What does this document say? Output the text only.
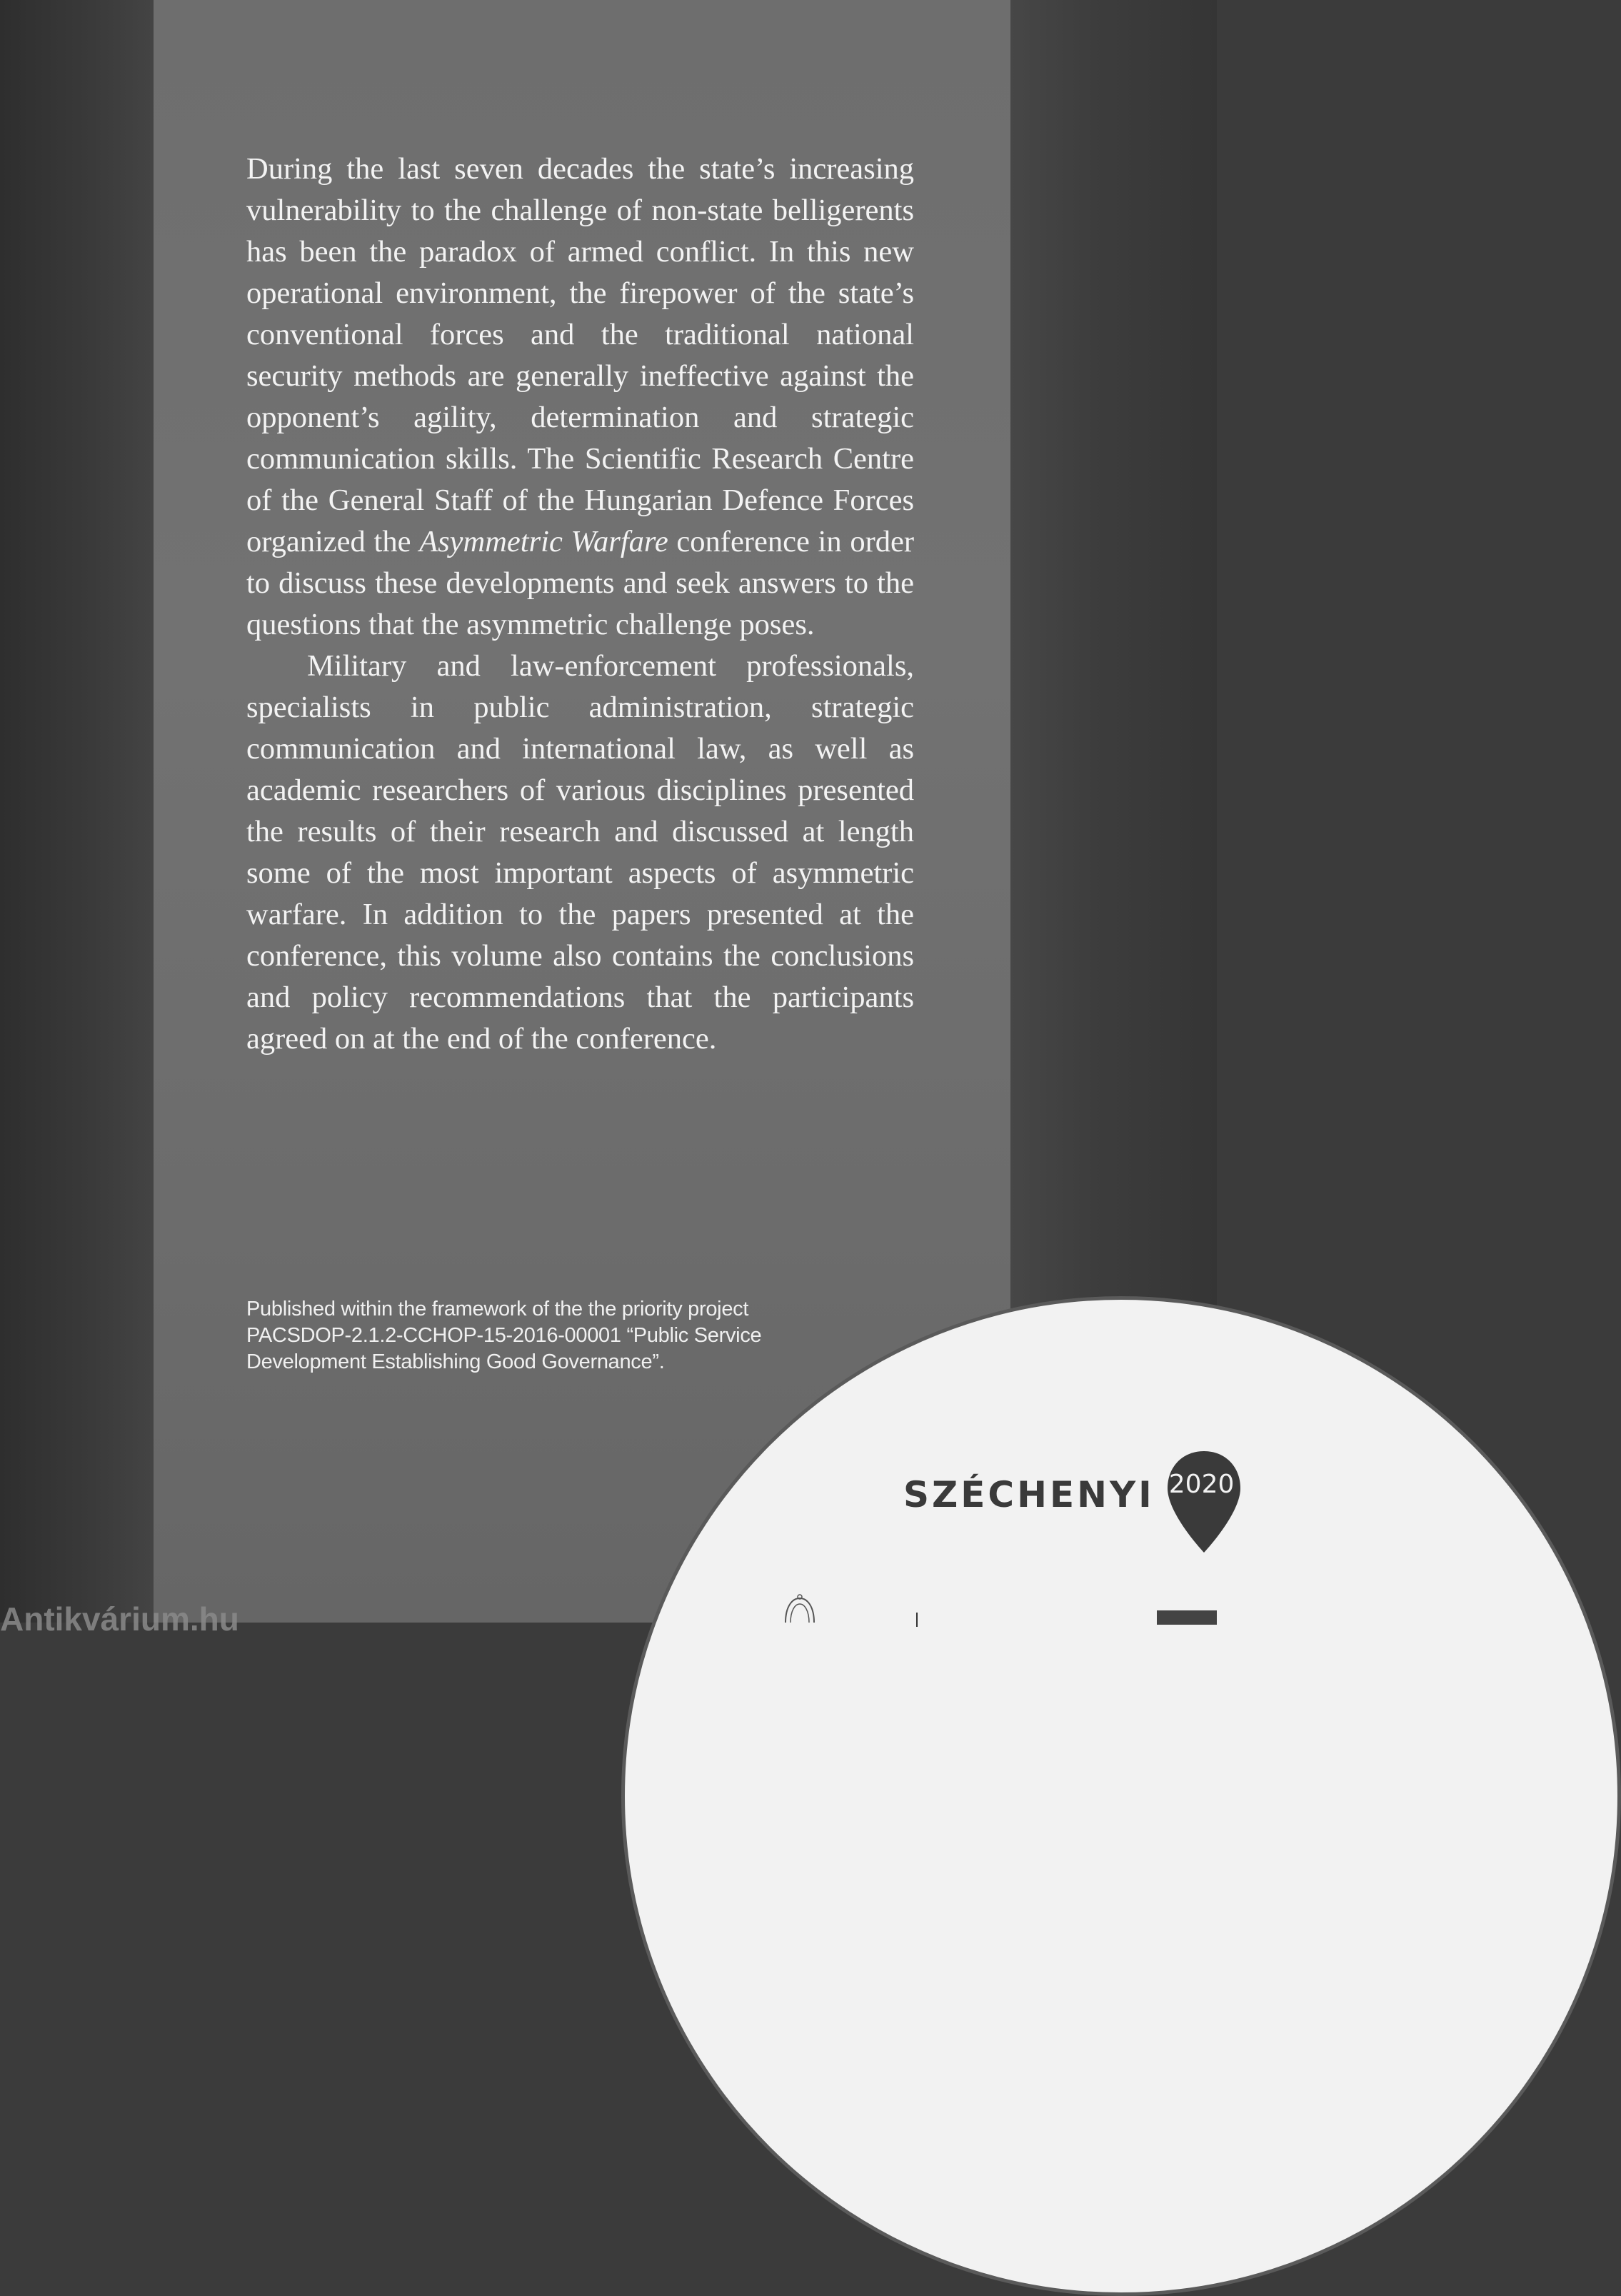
During the last seven decades the state’s increasing vulnerability to the challenge of non-state belligerents has been the paradox of armed conflict. In this new operational environment, the firepower of the state’s conventional forces and the traditional national security methods are generally ineffective against the opponent’s agility, determination and strategic communication skills. The Scientific Research Centre of the General Staff of the Hungarian Defence Forces organized the Asymmetric Warfare conference in order to discuss these developments and seek answers to the questions that the asymmetric challenge poses.

Military and law-enforcement professionals, specialists in public administration, strategic communication and international law, as well as academic researchers of various disciplines presented the results of their research and discussed at length some of the most important aspects of asymmetric warfare. In addition to the papers presented at the conference, this volume also contains the conclusions and policy recommendations that the participants agreed on at the end of the conference.

Published within the framework of the the priority project PACSDOP-2.1.2-CCHOP-15-2016-00001 “Public Service Development Establishing Good Governance”.
SZÉCHENYI 2020
Antikvárium.hu
